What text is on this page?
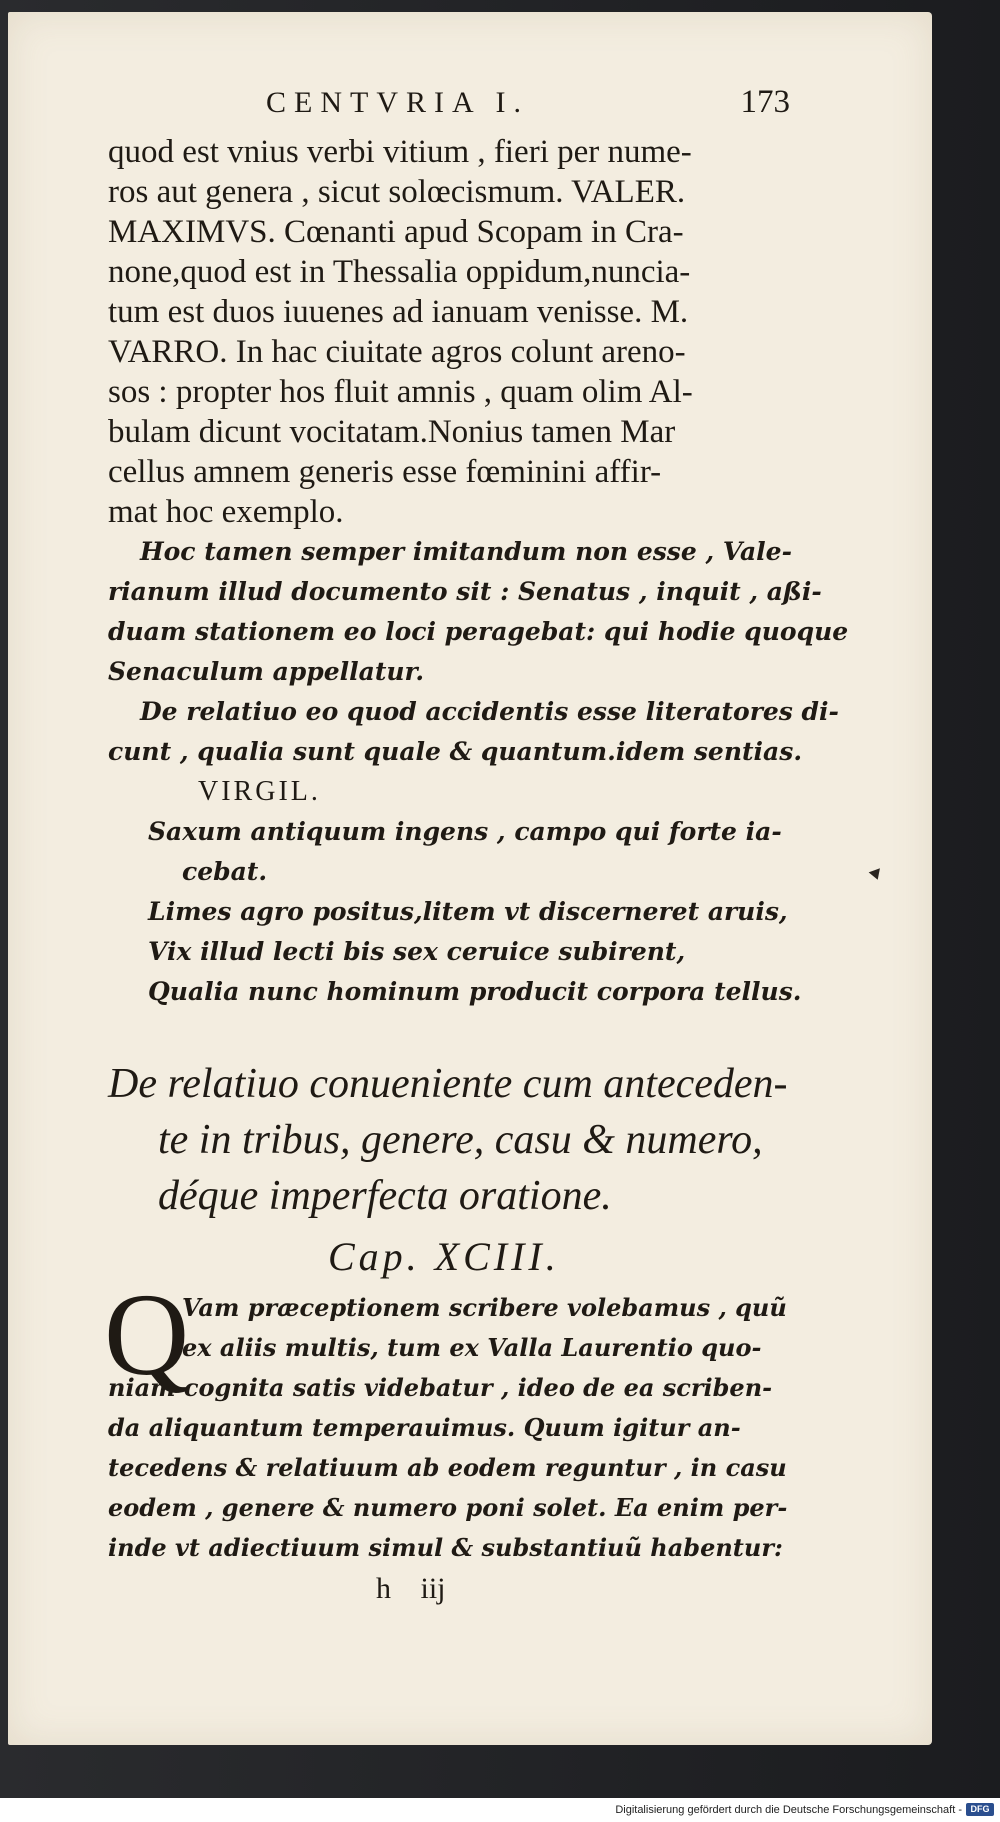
CENTVRIA I.	173

quod est vnius verbi vitium , fieri per nume-
ros aut genera , sicut solœcismum. VALER.
MAXIMVS. Cœnanti apud Scopam in Cra-
none,quod est in Thessalia oppidum,nuncia-
tum est duos iuuenes ad ianuam venisse. M.
VARRO. In hac ciuitate agros colunt areno-
sos : propter hos fluit amnis , quam olim Al-
bulam dicunt vocitatam.Nonius tamen Mar
cellus amnem generis esse fœminini affir-
mat hoc exemplo.

Hoc tamen semper imitandum non esse , Vale-
rianum illud documento sit : Senatus , inquit , aßi-
duam stationem eo loci peragebat: qui hodie quoque
Senaculum appellatur.

De relatiuo eo quod accidentis esse literatores di-
cunt , qualia sunt quale & quantum.idem sentias.

VIRGIL.
Saxum antiquum ingens , campo qui forte ia-
cebat.
Limes agro positus,litem vt discerneret aruis,
Vix illud lecti bis sex ceruice subirent,
Qualia nunc hominum producit corpora tellus.
De relatiuo conueniente cum anteceden-
te in tribus, genere, casu & numero,
déque imperfecta oratione.
Cap. XCIII.
Q

Vam præceptionem scribere volebamus , quũ
ex aliis multis, tum ex Valla Laurentio quo-
niam cognita satis videbatur , ideo de ea scriben-
da aliquantum temperauimus. Quum igitur an-
tecedens & relatiuum ab eodem reguntur , in casu
eodem , genere & numero poni solet. Ea enim per-
inde vt adiectiuum simul & substantiuũ habentur:

h iij
Digitalisierung gefördert durch die Deutsche Forschungsgemeinschaft - DFG
